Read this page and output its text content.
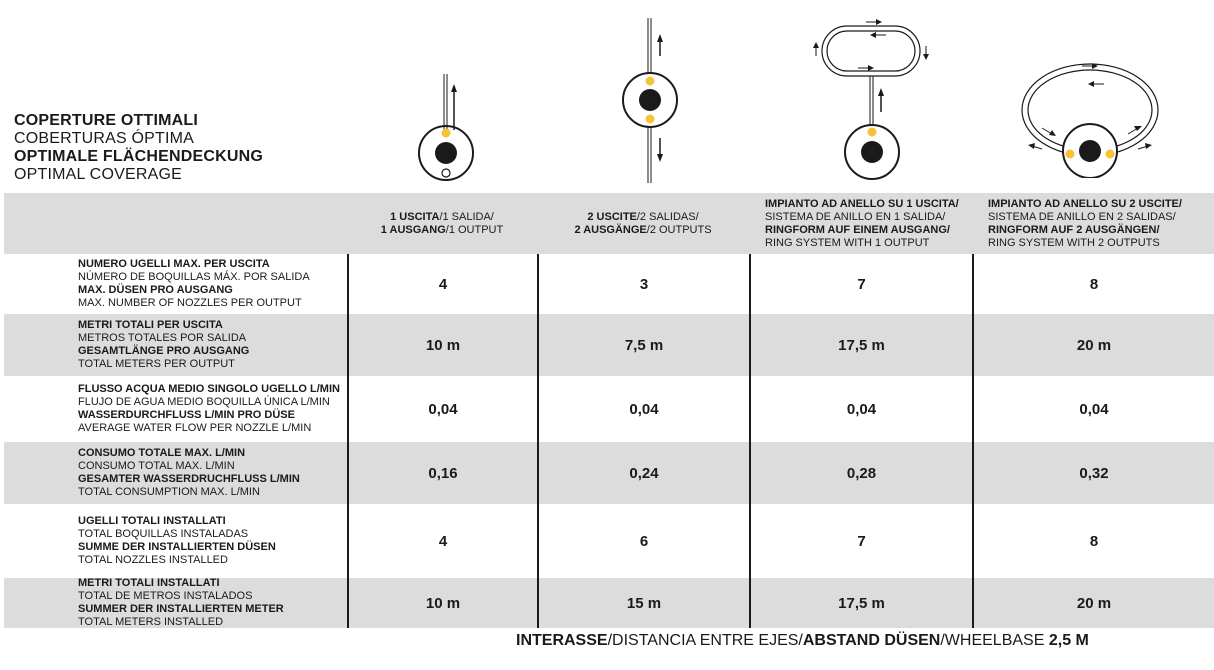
COPERTURE OTTIMALI
COBERTURAS ÓPTIMA
OPTIMALE FLÄCHENDECKUNG
OPTIMAL COVERAGE
1 USCITA/1 SALIDA/
1 AUSGANG/1 OUTPUT
2 USCITE/2 SALIDAS/
2 AUSGÄNGE/2 OUTPUTS
IMPIANTO AD ANELLO SU 1 USCITA/
SISTEMA DE ANILLO EN 1 SALIDA/
RINGFORM AUF EINEM AUSGANG/
RING SYSTEM WITH 1 OUTPUT
IMPIANTO AD ANELLO SU 2 USCITE/
SISTEMA DE ANILLO EN 2 SALIDAS/
RINGFORM AUF 2 AUSGÄNGEN/
RING SYSTEM WITH 2 OUTPUTS
NUMERO UGELLI MAX. PER USCITA
NÚMERO DE BOQUILLAS MÁX. POR SALIDA
MAX. DÜSEN PRO AUSGANG
MAX. NUMBER OF NOZZLES PER OUTPUT
4	3	7	8
METRI TOTALI PER USCITA
METROS TOTALES POR SALIDA
GESAMTLÄNGE PRO AUSGANG
TOTAL METERS PER OUTPUT
10 m	7,5 m	17,5 m	20 m
FLUSSO ACQUA MEDIO SINGOLO UGELLO L/MIN
FLUJO DE AGUA MEDIO BOQUILLA ÚNICA L/MIN
WASSERDURCHFLUSS L/MIN PRO DÜSE
AVERAGE WATER FLOW PER NOZZLE L/MIN
0,04	0,04	0,04	0,04
CONSUMO TOTALE MAX. L/MIN
CONSUMO TOTAL MAX. L/MIN
GESAMTER WASSERDRUCHFLUSS L/MIN
TOTAL CONSUMPTION MAX. L/MIN
0,16	0,24	0,28	0,32
UGELLI TOTALI INSTALLATI
TOTAL BOQUILLAS INSTALADAS
SUMME DER INSTALLIERTEN DÜSEN
TOTAL NOZZLES INSTALLED
4	6	7	8
METRI TOTALI INSTALLATI
TOTAL DE METROS INSTALADOS
SUMMER DER INSTALLIERTEN METER
TOTAL METERS INSTALLED
10 m	15 m	17,5 m	20 m
INTERASSE/DISTANCIA ENTRE EJES/ABSTAND DÜSEN/WHEELBASE 2,5 M
